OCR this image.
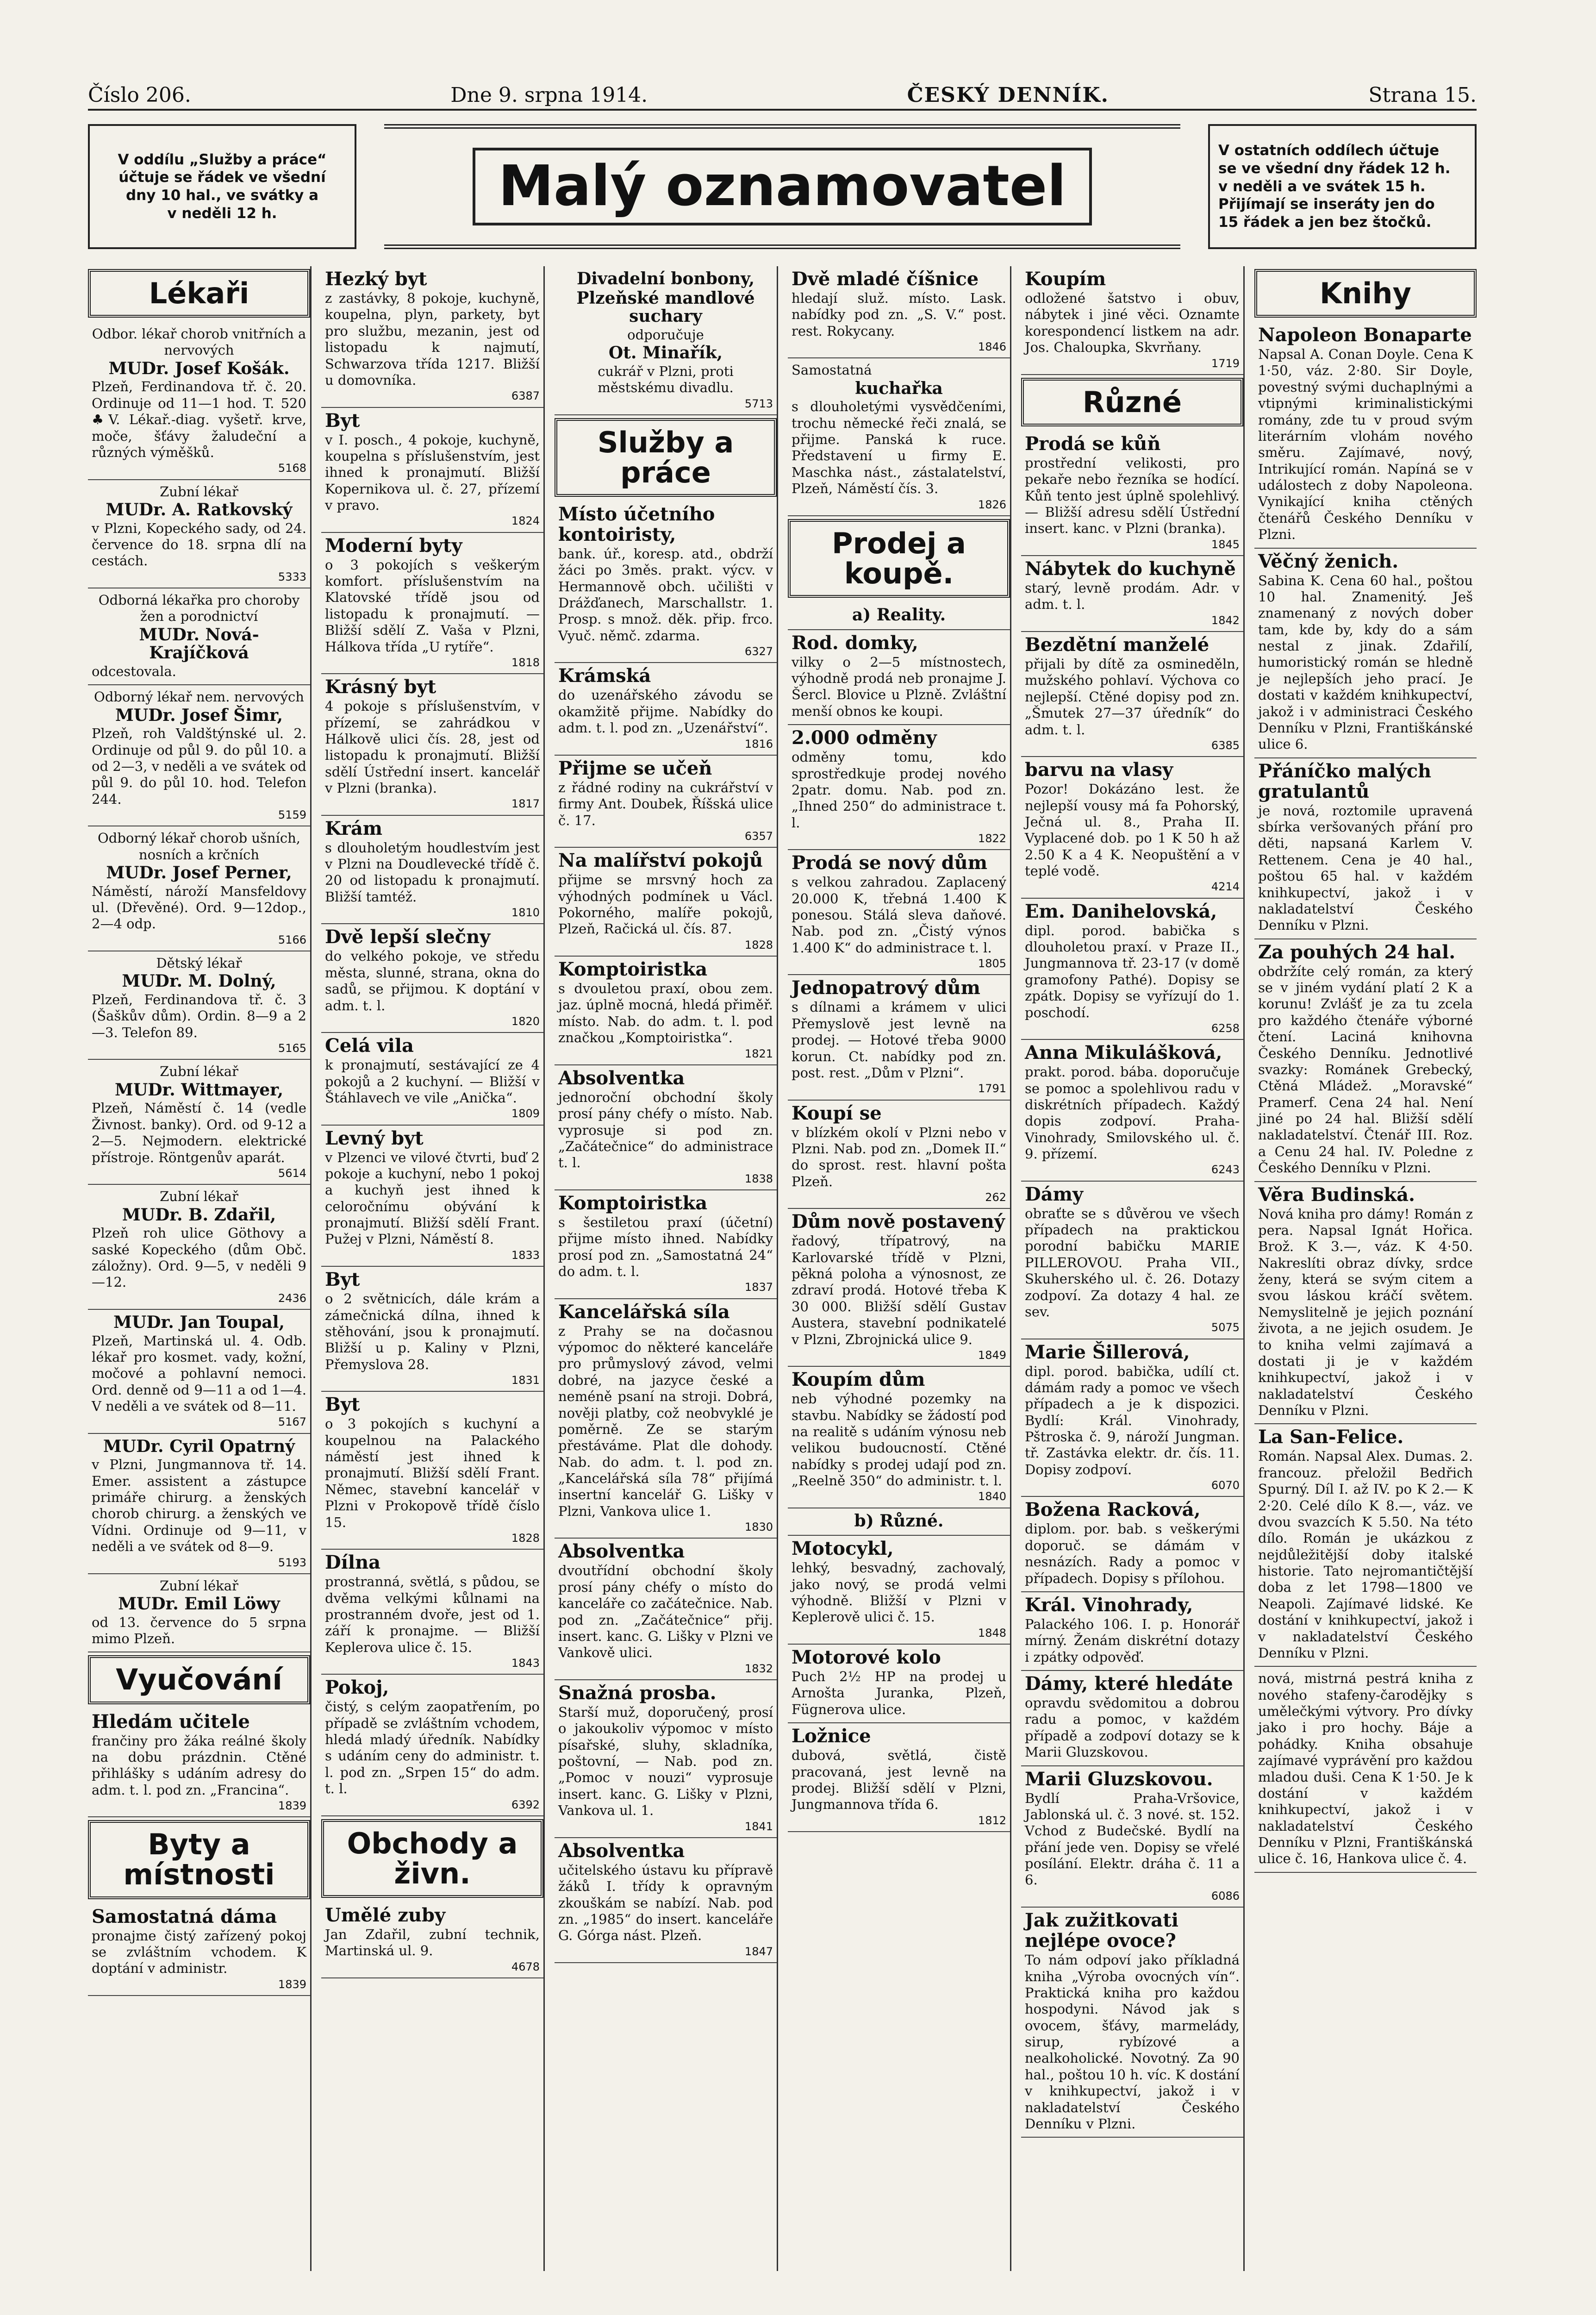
Číslo 206.	Dne 9. srpna 1914.	ČESKÝ DENNÍK.	Strana 15.
V oddílu „Služby a práce“
účtuje se řádek ve všední
dny 10 hal., ve svátky a
v neděli 12 h.	Malý oznamovatel
V ostatních oddílech účtuje
se ve všední dny řádek 12 h.
v neděli a ve svátek 15 h.
Přijímají se inseráty jen do
15 řádek a jen bez štočků.
Lékaři

Odbor. lékař chorob vnitřních a nervových

MUDr. Josef Košák.

Plzeň, Ferdinandova tř. č. 20. Ordinuje od 11—1 hod. T. 520 ♣V. Lékař.-diag. vyšetř. krve, moče, šťávy žaludeční a různých výměšků.

5168

Zubní lékař

MUDr. A. Ratkovský

v Plzni, Kopeckého sady, od 24. července do 18. srpna dlí na cestách.

5333

Odborná lékařka pro choroby žen a porodnictví

MUDr. Nová-Krajíčková

odcestovala.

Odborný lékař nem. nervových

MUDr. Josef Šimr,

Plzeň, roh Valdštýnské ul. 2. Ordinuje od půl 9. do půl 10. a od 2—3, v neděli a ve svátek od půl 9. do půl 10. hod. Telefon 244.

5159

Odborný lékař chorob ušních, nosních a krčních

MUDr. Josef Perner,

Náměstí, nároží Mansfeldovy ul. (Dřevěné). Ord. 9—12dop., 2—4 odp.

5166

Dětský lékař

MUDr. M. Dolný,

Plzeň, Ferdinandova tř. č. 3 (Šaškův dům). Ordin. 8—9 a 2—3. Telefon 89.

5165

Zubní lékař

MUDr. Wittmayer,

Plzeň, Náměstí č. 14 (vedle Živnost. banky). Ord. od 9-12 a 2—5. Nejmodern. elektrické přístroje. Röntgenův aparát.

5614

Zubní lékař

MUDr. B. Zdařil,

Plzeň roh ulice Göthovy a saské Kopeckého (dům Obč. záložny). Ord. 9—5, v neděli 9—12.

2436
MUDr. Jan Toupal,

Plzeň, Martinská ul. 4. Odb. lékař pro kosmet. vady, kožní, močové a pohlavní nemoci. Ord. denně od 9—11 a od 1—4. V neděli a ve svátek od 8—11.

5167
MUDr. Cyril Opatrný

v Plzni, Jungmannova tř. 14. Emer. assistent a zástupce primáře chirurg. a ženských chorob chirurg. a ženských ve Vídni. Ordinuje od 9—11, v neděli a ve svátek od 8—9.

5193

Zubní lékař

MUDr. Emil Löwy

od 13. července do 5 srpna mimo Plzeň.

Vyučování
Hledám učitele

frančiny pro žáka reálné školy na dobu prázdnin. Ctěné přihlášky s udáním adresy do adm. t. l. pod zn. „Francina“.

1839
Byty a místnosti
Samostatná dáma

pronajme čistý zařízený pokoj se zvláštním vchodem. K doptání v administr.

1839
Hezký byt

z zastávky, 8 pokoje, kuchyně, koupelna, plyn, parkety, byt pro službu, mezanin, jest od listopadu k najmutí, Schwarzova třída 1217. Bližší u domovníka.

6387
Byt

v I. posch., 4 pokoje, kuchyně, koupelna s příslušenstvím, jest ihned k pronajmutí. Bližší Kopernikova ul. č. 27, přízemí v pravo.

1824
Moderní byty

o 3 pokojích s veškerým komfort. příslušenstvím na Klatovské třídě jsou od listopadu k pronajmutí. — Bližší sdělí Z. Vaša v Plzni, Hálkova třída „U rytíře“.

1818
Krásný byt

4 pokoje s příslušenstvím, v přízemí, se zahrádkou v Hálkově ulici čís. 28, jest od listopadu k pronajmutí. Bližší sdělí Ústřední insert. kancelář v Plzni (branka).

1817
Krám

s dlouholetým houdlestvím jest v Plzni na Doudlevecké třídě č. 20 od listopadu k pronajmutí. Bližší tamtéž.

1810
Dvě lepší slečny

do velkého pokoje, ve středu města, slunné, strana, okna do sadů, se přijmou. K doptání v adm. t. l.

1820
Celá vila

k pronajmutí, sestávající ze 4 pokojů a 2 kuchyní. — Bližší v Štáhlavech ve vile „Anička“.

1809
Levný byt

v Plzenci ve vilové čtvrti, buď 2 pokoje a kuchyní, nebo 1 pokoj a kuchyň jest ihned k celoročnímu obývání k pronajmutí. Bližší sdělí Frant. Pužej v Plzni, Náměstí 8.

1833
Byt

o 2 světnicích, dále krám a zámečnická dílna, ihned k stěhování, jsou k pronajmutí. Bližší u p. Kaliny v Plzni, Přemyslova 28.

1831
Byt

o 3 pokojích s kuchyní a koupelnou na Palackého náměstí jest ihned k pronajmutí. Bližší sdělí Frant. Němec, stavební kancelář v Plzni v Prokopově třídě číslo 15.

1828
Dílna

prostranná, světlá, s půdou, se dvěma velkými kůlnami na prostranném dvoře, jest od 1. září k pronajme. — Bližší Keplerova ulice č. 15.

1843
Pokoj,

čistý, s celým zaopatřením, po případě se zvláštním vchodem, hledá mladý úředník. Nabídky s udáním ceny do administr. t. l. pod zn. „Srpen 15“ do adm. t. l.

6392
Obchody a živn.
Umělé zuby

Jan Zdařil, zubní technik, Martinská ul. 9.

4678
Divadelní bonbony,
Plzeňské mandlové suchary

odporučuje

Ot. Minařík,

cukrář v Plzni, proti městskému divadlu.

5713
Služby a práce
Místo účetního kontoiristy,

bank. úř., koresp. atd., obdrží žáci po 3měs. prakt. výcv. v Hermannově obch. učilišti v Drážďanech, Marschallstr. 1. Prosp. s množ. děk. přip. frco. Vyuč. němč. zdarma.

6327
Krámská

do uzenářského závodu se okamžitě přijme. Nabídky do adm. t. l. pod zn. „Uzenářství“.

1816
Přijme se učeň

z řádné rodiny na cukrářství v firmy Ant. Doubek, Říšská ulice č. 17.

6357
Na malířství pokojů

přijme se mrsvný hoch za výhodných podmínek u Václ. Pokorného, malíře pokojů, Plzeň, Račická ul. čís. 87.

1828
Komptoiristka

s dvouletou praxí, obou zem. jaz. úplně mocná, hledá přiměř. místo. Nab. do adm. t. l. pod značkou „Komptoiristka“.

1821
Absolventka

jednoroční obchodní školy prosí pány chéfy o místo. Nab. vyprosuje si pod zn. „Začátečnice“ do administrace t. l.

1838
Komptoiristka

s šestiletou praxí (účetní) přijme místo ihned. Nabídky prosí pod zn. „Samostatná 24“ do adm. t. l.

1837
Kancelářská síla

z Prahy se na dočasnou výpomoc do některé kanceláře pro průmyslový závod, velmi dobré, na jazyce české a neméně psaní na stroji. Dobrá, nověji platby, což neobvyklé je poměrně. Ze se starým přestáváme. Plat dle dohody. Nab. do adm. t. l. pod zn. „Kancelářská síla 78“ přijímá insertní kancelář G. Lišky v Plzni, Vankova ulice 1.

1830
Absolventka

dvoutřídní obchodní školy prosí pány chéfy o místo do kanceláře co začátečnice. Nab. pod zn. „Začátečnice“ přij. insert. kanc. G. Lišky v Plzni ve Vankově ulici.

1832
Snažná prosba.

Starší muž, doporučený, prosí o jakoukoliv výpomoc v místo písařské, sluhy, skladníka, poštovní, — Nab. pod zn. „Pomoc v nouzi“ vyprosuje insert. kanc. G. Lišky v Plzni, Vankova ul. 1.

1841
Absolventka

učitelského ústavu ku přípravě žáků I. třídy k opravným zkouškám se nabízí. Nab. pod zn. „1985“ do insert. kanceláře G. Górga nást. Plzeň.

1847
Dvě mladé číšnice

hledají služ. místo. Lask. nabídky pod zn. „S. V.“ post. rest. Rokycany.

1846

Samostatná

kuchařka

s dlouholetými vysvědčeními, trochu německé řeči znalá, se přijme. Panská k ruce. Představení u firmy E. Maschka nást., zástalatelství, Plzeň, Náměstí čís. 3.

1826
Prodej a koupě.
a) Reality.
Rod. domky,

vilky o 2—5 místnostech, výhodně prodá neb pronajme J. Šercl. Blovice u Plzně. Zvláštní menší obnos ke koupi.

2.000 odměny

odměny tomu, kdo sprostředkuje prodej nového 2patr. domu. Nab. pod zn. „Ihned 250“ do administrace t. l.

1822
Prodá se nový dům

s velkou zahradou. Zaplacený 20.000 K, třebná 1.400 K ponesou. Stálá sleva daňové. Nab. pod zn. „Čistý výnos 1.400 K“ do administrace t. l.

1805
Jednopatrový dům

s dílnami a krámem v ulici Přemyslově jest levně na prodej. — Hotové třeba 9000 korun. Ct. nabídky pod zn. post. rest. „Dům v Plzni“.

1791
Koupí se

v blízkém okolí v Plzni nebo v Plzni. Nab. pod zn. „Domek II.“ do sprost. rest. hlavní pošta Plzeň.

262
Dům nově postavený

řadový, třípatrový, na Karlovarské třídě v Plzni, pěkná poloha a výnosnost, ze zdraví prodá. Hotové třeba K 30 000. Bližší sdělí Gustav Austera, stavební podnikatelé v Plzni, Zbrojnická ulice 9.

1849
Koupím dům

neb výhodné pozemky na stavbu. Nabídky se žádostí pod na realitě s udáním výnosu neb velikou budoucností. Ctěné nabídky s prodej udají pod zn. „Reelně 350“ do administr. t. l.

1840
b) Různé.
Motocykl,

lehký, besvadný, zachovalý, jako nový, se prodá velmi výhodně. Bližší v Plzni v Keplerově ulici č. 15.

1848
Motorové kolo

Puch 2½ HP na prodej u Arnošta Juranka, Plzeň, Fügnerova ulice.

Ložnice

dubová, světlá, čistě pracovaná, jest levně na prodej. Bližší sdělí v Plzni, Jungmannova třída 6.

1812
Koupím

odložené šatstvo i obuv, nábytek i jiné věci. Oznamte korespondencí listkem na adr. Jos. Chaloupka, Skvrňany.

1719
Různé
Prodá se kůň

prostřední velikosti, pro pekaře nebo řezníka se hodící. Kůň tento jest úplně spolehlivý. — Bližší adresu sdělí Ústřední insert. kanc. v Plzni (branka).

1845
Nábytek do kuchyně

starý, levně prodám. Adr. v adm. t. l.

1842
Bezdětní manželé

přijali by dítě za osmineděln, mužského pohlaví. Výchova co nejlepší. Ctěné dopisy pod zn. „Šmutek 27—37 úředník“ do adm. t. l.

6385
barvu na vlasy

Pozor! Dokázáno lest. že nejlepší vousy má fa Pohorský, Ječná ul. 8., Praha II. Vyplacené dob. po 1 K 50 h až 2.50 K a 4 K. Neopuštění a v teplé vodě.

4214
Em. Danihelovská,

dipl. porod. babička s dlouholetou praxí. v Praze II., Jungmannova tř. 23-17 (v domě gramofony Pathé). Dopisy se zpátk. Dopisy se vyřízují do 1. poschodí.

6258
Anna Mikulášková,

prakt. porod. bába. doporučuje se pomoc a spolehlivou radu v diskrétních případech. Každý dopis zodpoví. Praha-Vinohrady, Smilovského ul. č. 9. přízemí.

6243
Dámy

obraťte se s důvěrou ve všech případech na praktickou porodní babičku MARIE PILLEROVOU. Praha VII., Skuherského ul. č. 26. Dotazy zodpoví. Za dotazy 4 hal. ze sev.

5075
Marie Šillerová,

dipl. porod. babička, udílí ct. dámám rady a pomoc ve všech případech a je k dispozici. Bydlí: Král. Vinohrady, Pštroska č. 9, nároží Jungman. tř. Zastávka elektr. dr. čís. 11. Dopisy zodpoví.

6070
Božena Racková,

diplom. por. bab. s veškerými doporuč. se dámám v nesnázích. Rady a pomoc v případech. Dopisy s přílohou.

Král. Vinohrady,

Palackého 106. I. p. Honorář mírný. Ženám diskrétní dotazy i zpátky odpověď.

Dámy, které hledáte

opravdu svědomitou a dobrou radu a pomoc, v každém případě a zodpoví dotazy se k Marii Gluzskovou.

Marii Gluzskovou.

Bydlí Praha-Vršovice, Jablonská ul. č. 3 nové. st. 152. Vchod z Budečské. Bydlí na přání jede ven. Dopisy se vřelé posílání. Elektr. dráha č. 11 a 6.

6086
Jak zužitkovati nejlépe ovoce?

To nám odpoví jako příkladná kniha „Výroba ovocných vín“. Praktická kniha pro každou hospodyni. Návod jak s ovocem, šťávy, marmelády, sirup, rybízové a nealkoholické. Novotný. Za 90 hal., poštou 10 h. víc. K dostání v knihkupectví, jakož i v nakladatelství Českého Denníku v Plzni.

Knihy
Napoleon Bonaparte

Napsal A. Conan Doyle. Cena K 1·50, váz. 2·80. Sir Doyle, povestný svými duchaplnými a vtipnými kriminalistickými romány, zde tu v proud svým literárním vlohám nového směru. Zajímavé, nový, Intrikující román. Napíná se v událostech z doby Napoleona. Vynikající kniha ctěných čtenářů Českého Denníku v Plzni.

Věčný ženich.

Sabina K. Cena 60 hal., poštou 10 hal. Znamenitý. Ješ znamenaný z nových dober tam, kde by, kdy do a sám nestal z jinak. Zdařilí, humoristický román se hledně je nejlepších jeho prací. Je dostati v každém knihkupectví, jakož i v administraci Českého Denníku v Plzni, Františkánské ulice 6.

Přáníčko malých gratulantů

je nová, roztomile upravená sbírka veršovaných přání pro děti, napsaná Karlem V. Rettenem. Cena je 40 hal., poštou 65 hal. v každém knihkupectví, jakož i v nakladatelství Českého Denníku v Plzni.

Za pouhých 24 hal.

obdržíte celý román, za který se v jiném vydání platí 2 K a korunu! Zvlášť je za tu zcela pro každého čtenáře výborné čtení. Laciná knihovna Českého Denníku. Jednotlivé svazky: Románek Grebecký, Ctěná Mládež. „Moravské“ Pramerf. Cena 24 hal. Není jiné po 24 hal. Bližší sdělí nakladatelství. Čtenář III. Roz. a Cenu 24 hal. IV. Poledne z Českého Denníku v Plzni.

Věra Budinská.

Nová kniha pro dámy! Román z pera. Napsal Ignát Hořica. Brož. K 3.—, váz. K 4·50. Nakreslíti obraz dívky, srdce ženy, která se svým citem a svou láskou kráčí světem. Nemyslitelně je jejich poznání života, a ne jejich osudem. Je to kniha velmi zajímavá a dostati ji je v každém knihkupectví, jakož i v nakladatelství Českého Denníku v Plzni.

La San-Felice.

Román. Napsal Alex. Dumas. 2. francouz. přeložil Bedřich Spurný. Díl I. až IV. po K 2.— K 2·20. Celé dílo K 8.—, váz. ve dvou svazcích K 5.50. Na této dílo. Román je ukázkou z nejdůležitější doby italské historie. Tato nejromantičtější doba z let 1798—1800 ve Neapoli. Zajímavé lidské. Ke dostání v knihkupectví, jakož i v nakladatelství Českého Denníku v Plzni.

nová, mistrná pestrá kniha z nového stafeny-čarodějky s umělečkými výtvory. Pro dívky jako i pro hochy. Báje a pohádky. Kniha obsahuje zajímavé vyprávění pro každou mladou duši. Cena K 1·50. Je k dostání v každém knihkupectví, jakož i v nakladatelství Českého Denníku v Plzni, Františkánská ulice č. 16, Hankova ulice č. 4.
